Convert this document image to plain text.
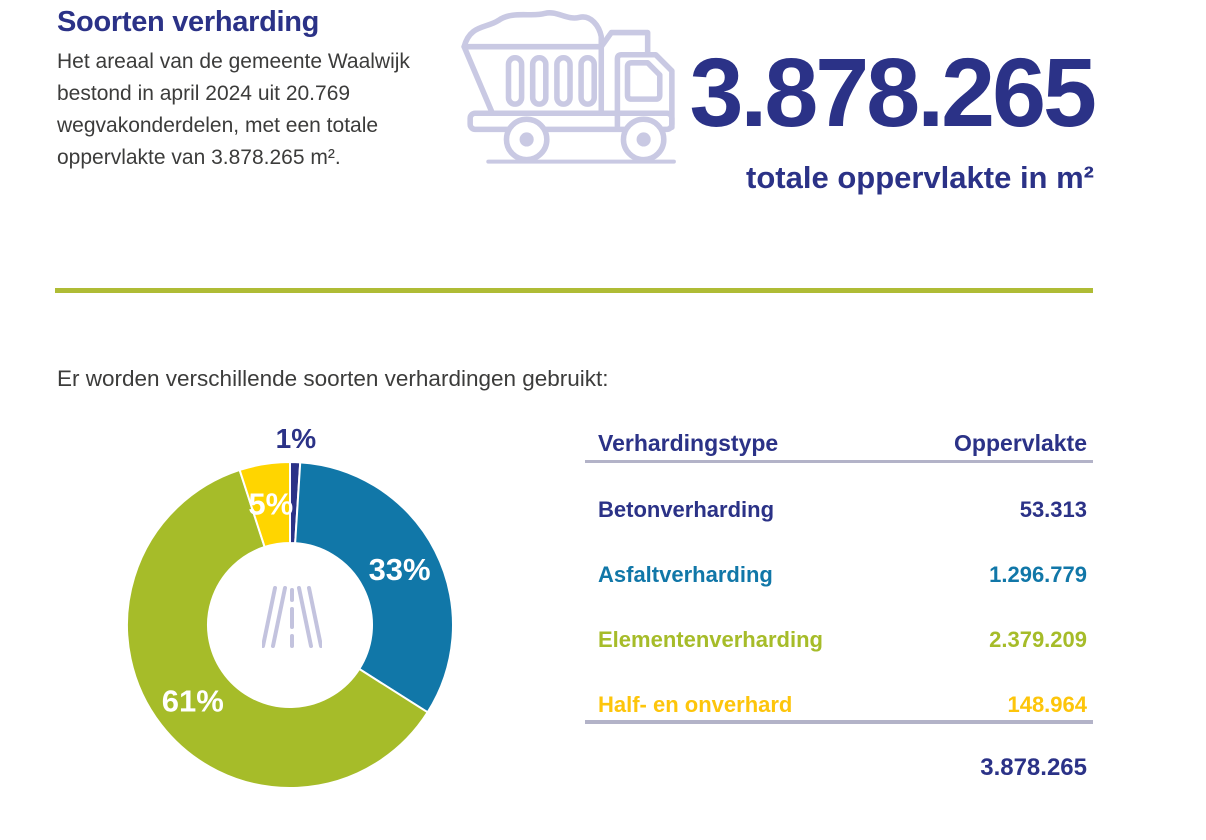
Soorten verharding

Het areaal van de gemeente Waalwijk bestond in april 2024 uit 20.769 wegvakonderdelen, met een totale oppervlakte van 3.878.265 m².

3.878.265
totale oppervlakte in m²

Er worden verschillende soorten verhardingen gebruikt:

1%
33%
61%
5%
Verhardingstype	Oppervlakte
Betonverharding	53.313
Asfaltverharding	1.296.779
Elementenverharding	2.379.209
Half- en onverhard	148.964
3.878.265
